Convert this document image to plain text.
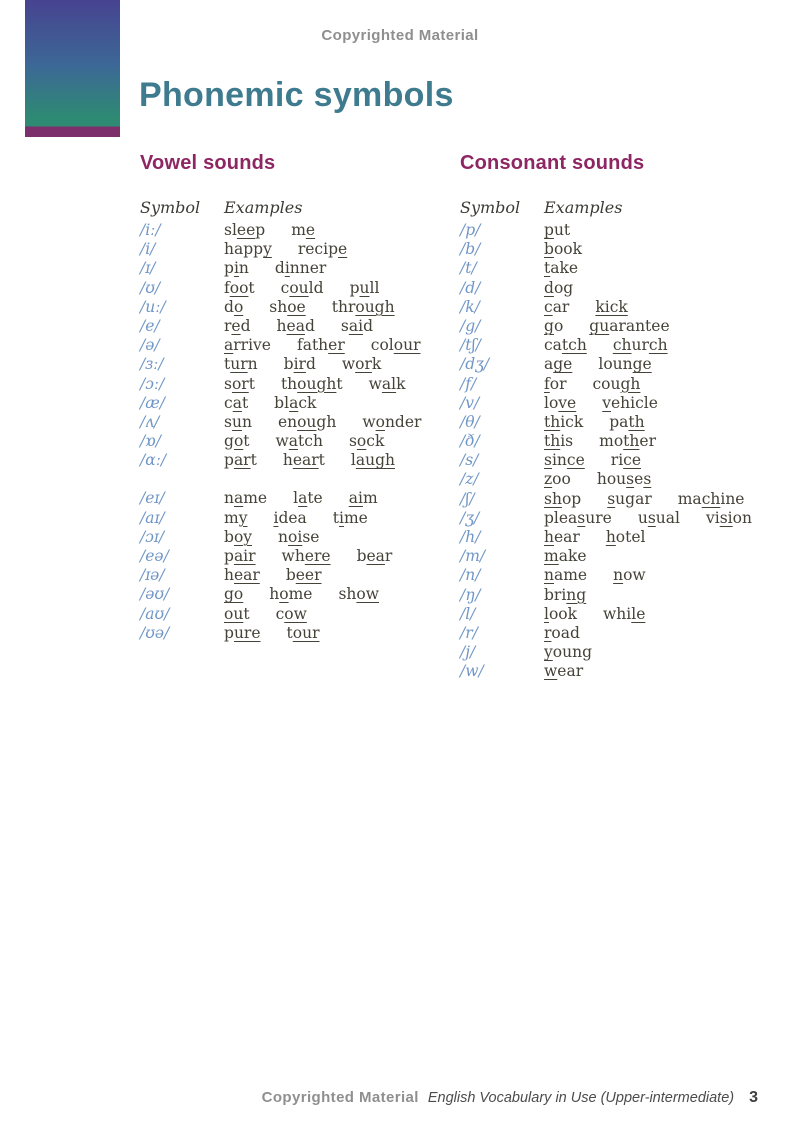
Copyrighted Material
Phonemic symbols
Vowel sounds
Symbol	Examples
/iː/	sleep me
/i/	happy recipe
/ɪ/	pin dinner
/ʊ/	foot could pull
/uː/	do shoe through
/e/	red head said
/ə/	arrive father colour
/ɜː/	turn bird work
/ɔː/	sort thought walk
/æ/	cat black
/ʌ/	sun enough wonder
/ɒ/	got watch sock
/ɑː/	part heart laugh
/eɪ/	name late aim
/aɪ/	my idea time
/ɔɪ/	boy noise
/eə/	pair where bear
/ɪə/	hear beer
/əʊ/	go home show
/aʊ/	out cow
/ʊə/	pure tour
Consonant sounds
Symbol	Examples
/p/	put
/b/	book
/t/	take
/d/	dog
/k/	car kick
/g/	go guarantee
/tʃ/	catch church
/dʒ/	age lounge
/f/	for cough
/v/	love vehicle
/θ/	thick path
/ð/	this mother
/s/	since rice
/z/	zoo houses
/ʃ/	shop sugar machine
/ʒ/	pleasure usual vision
/h/	hear hotel
/m/	make
/n/	name now
/ŋ/	bring
/l/	look while
/r/	road
/j/	young
/w/	wear
Copyrighted Material English Vocabulary in Use (Upper-intermediate) 3
